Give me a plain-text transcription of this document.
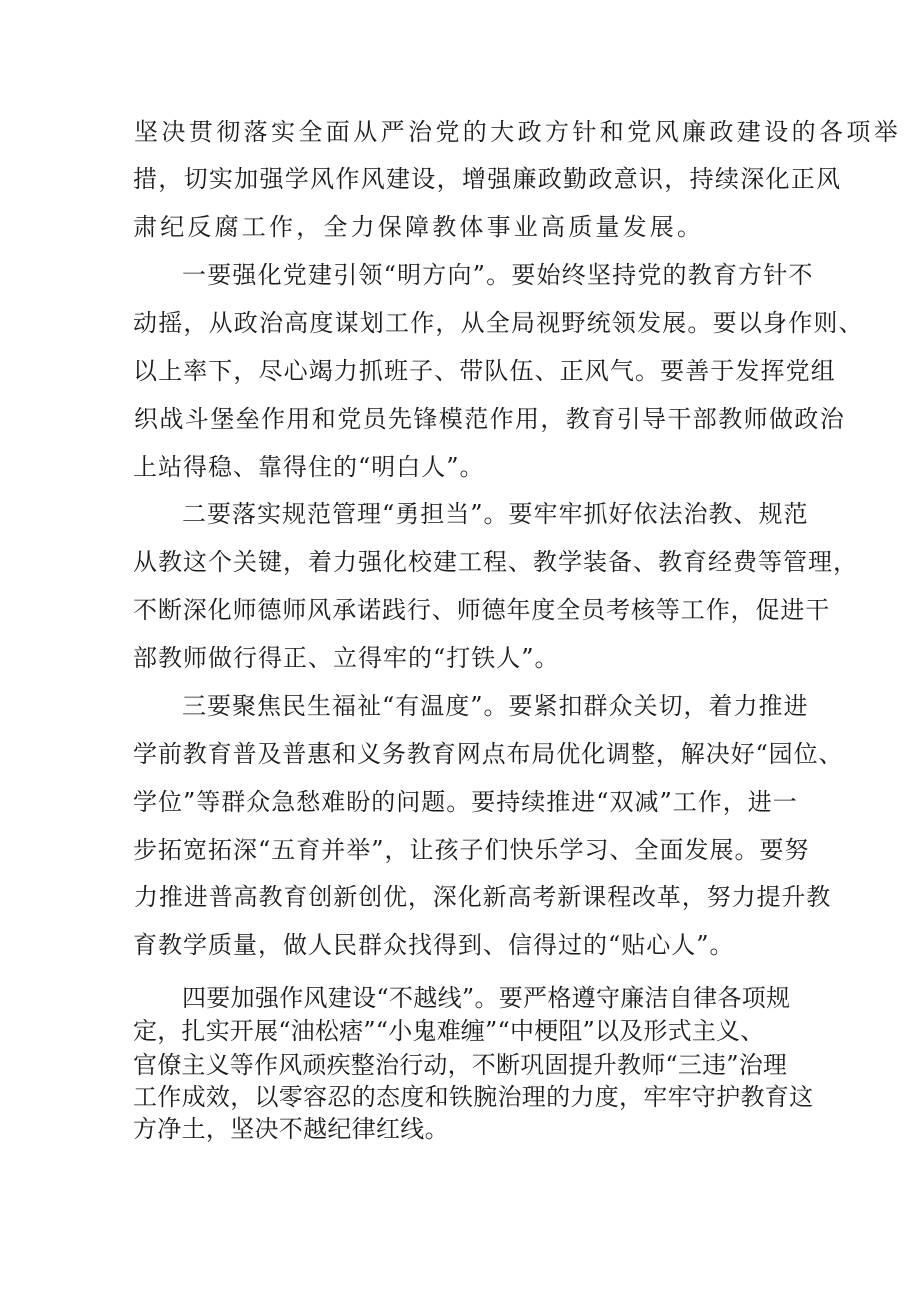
坚决贯彻落实全面从严治党的大政方针和党风廉政建设的各项举

措，切实加强学风作风建设，增强廉政勤政意识，持续深化正风

肃纪反腐工作，全力保障教体事业高质量发展。

一要强化党建引领“明方向”。要始终坚持党的教育方针不

动摇，从政治高度谋划工作，从全局视野统领发展。要以身作则、

以上率下，尽心竭力抓班子、带队伍、正风气。要善于发挥党组

织战斗堡垒作用和党员先锋模范作用，教育引导干部教师做政治

上站得稳、靠得住的“明白人”。

二要落实规范管理“勇担当”。要牢牢抓好依法治教、规范

从教这个关键，着力强化校建工程、教学装备、教育经费等管理，

不断深化师德师风承诺践行、师德年度全员考核等工作，促进干

部教师做行得正、立得牢的“打铁人”。

三要聚焦民生福祉“有温度”。要紧扣群众关切，着力推进

学前教育普及普惠和义务教育网点布局优化调整，解决好“园位、

学位”等群众急愁难盼的问题。要持续推进“双减”工作，进一

步拓宽拓深“五育并举”，让孩子们快乐学习、全面发展。要努

力推进普高教育创新创优，深化新高考新课程改革，努力提升教

育教学质量，做人民群众找得到、信得过的“贴心人”。

四要加强作风建设“不越线”。要严格遵守廉洁自律各项规

定，扎实开展“油松痞”“小鬼难缠”“中梗阻”以及形式主义、

官僚主义等作风顽疾整治行动，不断巩固提升教师“三违”治理

工作成效，以零容忍的态度和铁腕治理的力度，牢牢守护教育这

方净土，坚决不越纪律红线。
